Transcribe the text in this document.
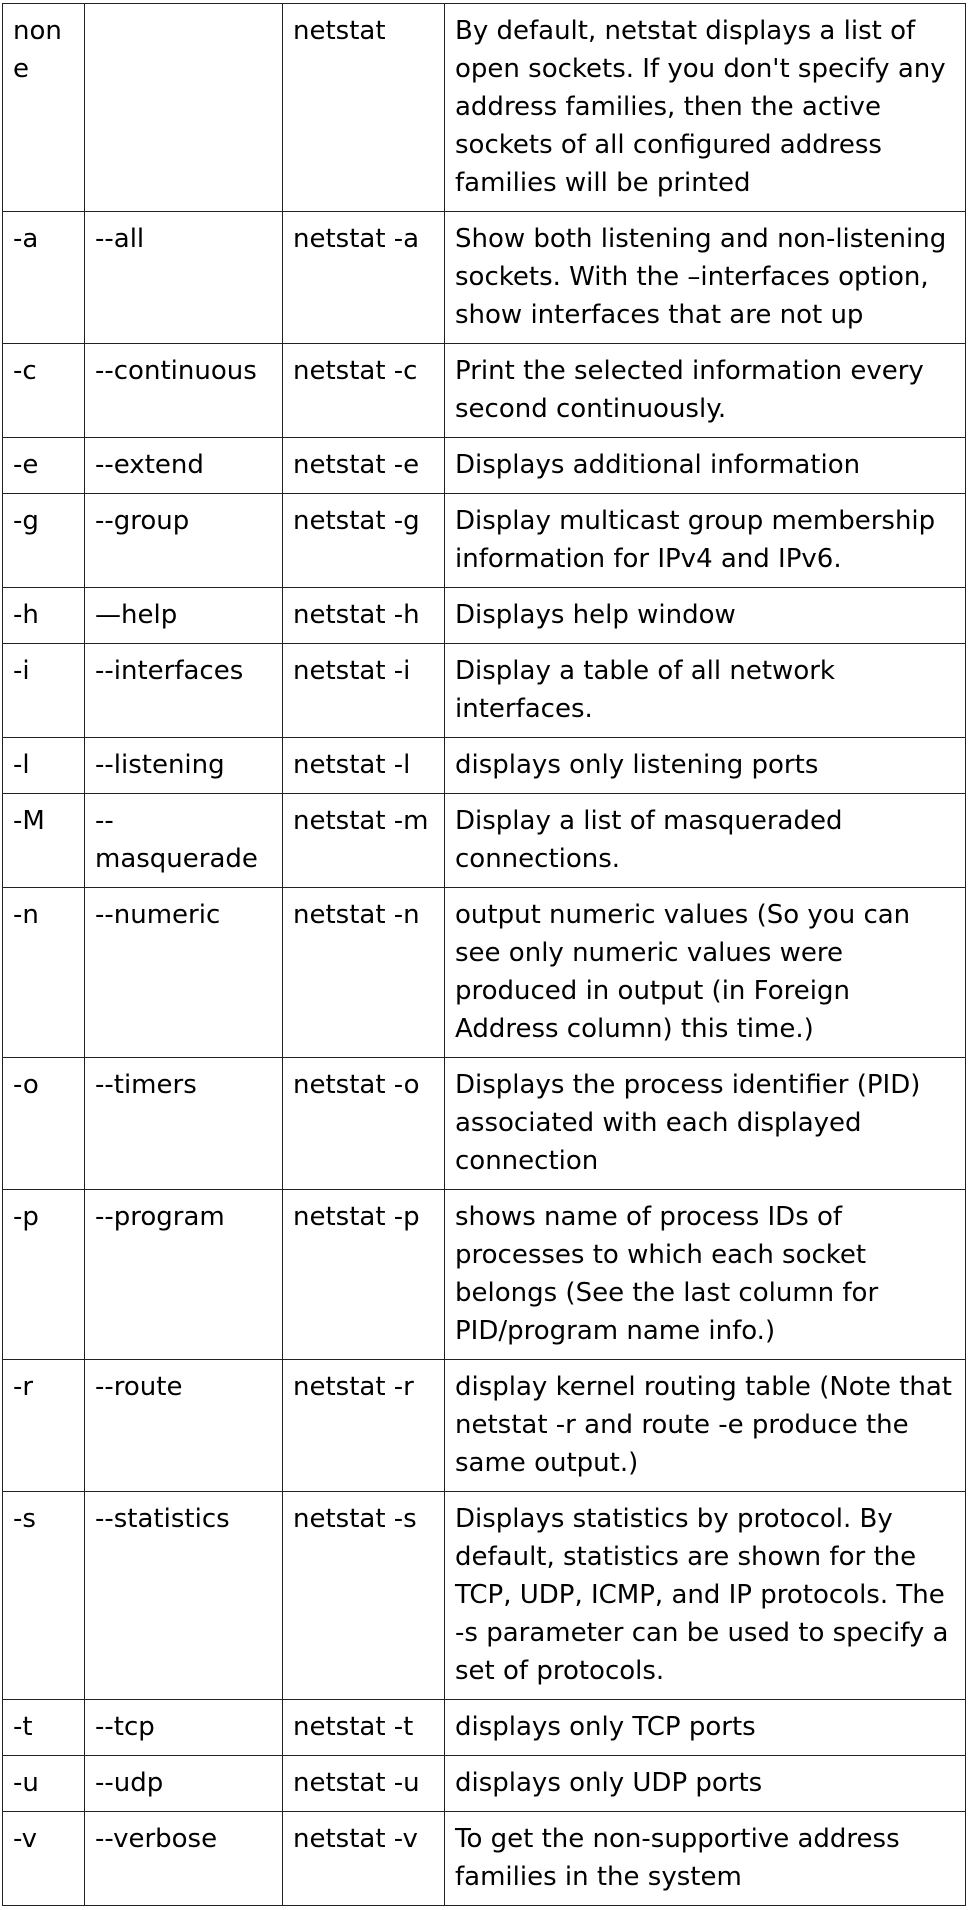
none		netstat	By default, netstat displays a list of open sockets. If you don't specify any address families, then the active sockets of all configured address families will be printed
-a	--all	netstat -a	Show both listening and non-listening sockets. With the –interfaces option, show interfaces that are not up
-c	--continuous	netstat -c	Print the selected information every second continuously.
-e	--extend	netstat -e	Displays additional information
-g	--group	netstat -g	Display multicast group membership information for IPv4 and IPv6.
-h	—help	netstat -h	Displays help window
-i	--interfaces	netstat -i	Display a table of all network interfaces.
-l	--listening	netstat -l	displays only listening ports
-M	--masquerade	netstat -m	Display a list of masqueraded connections.
-n	--numeric	netstat -n	output numeric values (So you can see only numeric values were produced in output (in Foreign Address column) this time.)
-o	--timers	netstat -o	Displays the process identifier (PID) associated with each displayed connection
-p	--program	netstat -p	shows name of process IDs of processes to which each socket belongs (See the last column for PID/program name info.)
-r	--route	netstat -r	display kernel routing table (Note that netstat -r and route -e produce the same output.)
-s	--statistics	netstat -s	Displays statistics by protocol. By default, statistics are shown for the TCP, UDP, ICMP, and IP protocols. The -s parameter can be used to specify a set of protocols.
-t	--tcp	netstat -t	displays only TCP ports
-u	--udp	netstat -u	displays only UDP ports
-v	--verbose	netstat -v	To get the non-supportive address families in the system
